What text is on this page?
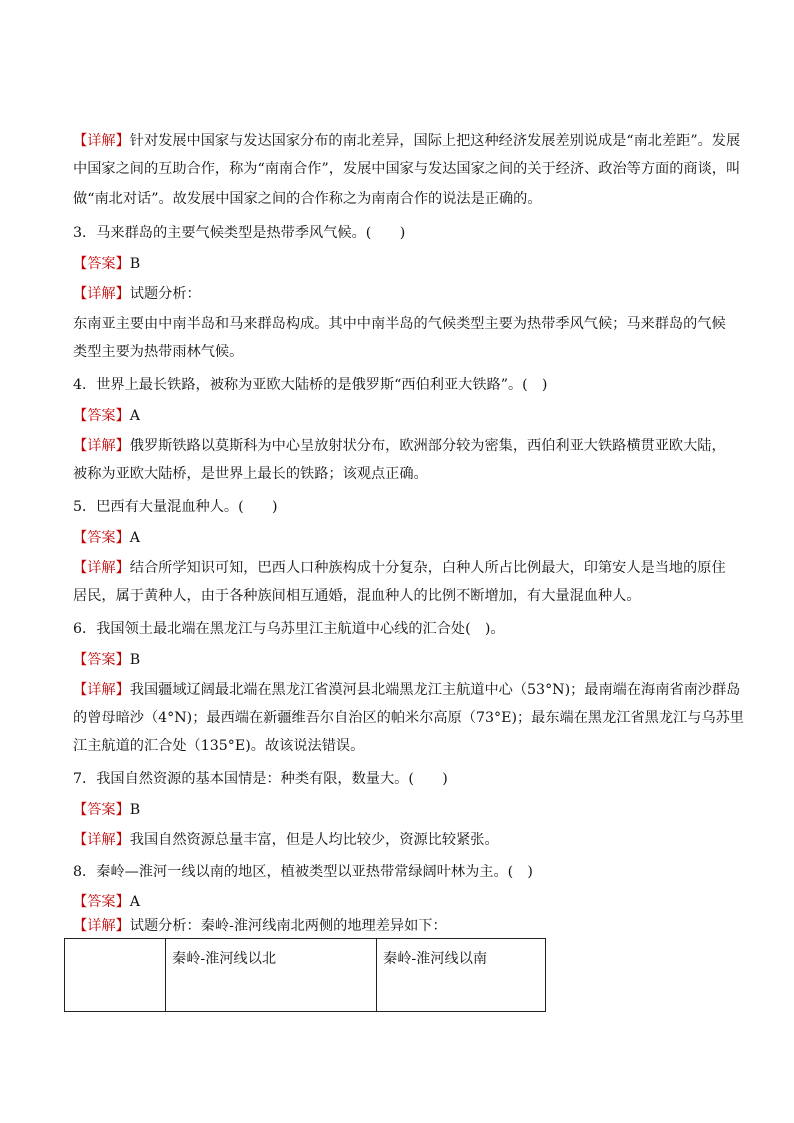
【详解】针对发展中国家与发达国家分布的南北差异，国际上把这种经济发展差别说成是“南北差距”。发展

中国家之间的互助合作，称为“南南合作”，发展中国家与发达国家之间的关于经济、政治等方面的商谈，叫

做“南北对话”。故发展中国家之间的合作称之为南南合作的说法是正确的。

3．马来群岛的主要气候类型是热带季风气候。(　　)

【答案】B

【详解】试题分析：

东南亚主要由中南半岛和马来群岛构成。其中中南半岛的气候类型主要为热带季风气候；马来群岛的气候

类型主要为热带雨林气候。

4．世界上最长铁路，被称为亚欧大陆桥的是俄罗斯“西伯利亚大铁路”。(　)

【答案】A

【详解】俄罗斯铁路以莫斯科为中心呈放射状分布，欧洲部分较为密集，西伯利亚大铁路横贯亚欧大陆，

被称为亚欧大陆桥，是世界上最长的铁路；该观点正确。

5．巴西有大量混血种人。(　　)

【答案】A

【详解】结合所学知识可知，巴西人口种族构成十分复杂，白种人所占比例最大，印第安人是当地的原住

居民，属于黄种人，由于各种族间相互通婚，混血种人的比例不断增加，有大量混血种人。

6．我国领土最北端在黑龙江与乌苏里江主航道中心线的汇合处(　)。

【答案】B

【详解】我国疆域辽阔最北端在黑龙江省漠河县北端黑龙江主航道中心（53°N)；最南端在海南省南沙群岛

的曾母暗沙（4°N)；最西端在新疆维吾尔自治区的帕米尔高原（73°E)；最东端在黑龙江省黑龙江与乌苏里

江主航道的汇合处（135°E)。故该说法错误。

7．我国自然资源的基本国情是：种类有限，数量大。(　　)

【答案】B

【详解】我国自然资源总量丰富，但是人均比较少，资源比较紧张。

8．秦岭—淮河一线以南的地区，植被类型以亚热带常绿阔叶林为主。(　)

【答案】A

【详解】试题分析：秦岭-淮河线南北两侧的地理差异如下：

	秦岭-淮河线以北	秦岭-淮河线以南
